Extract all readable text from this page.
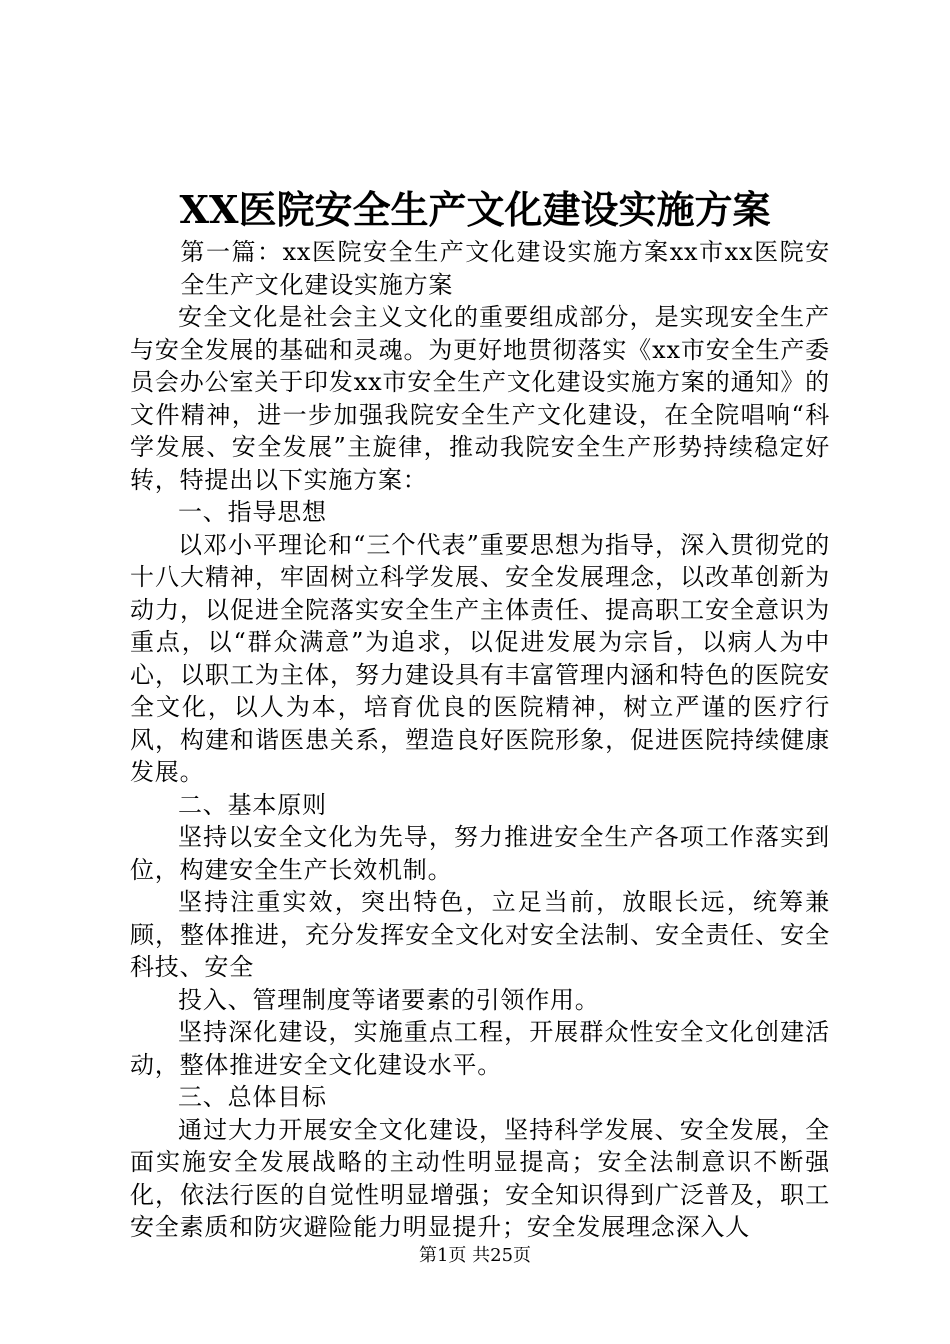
XX医院安全生产文化建设实施方案

第一篇：xx医院安全生产文化建设实施方案xx市xx医院安全生产文化建设实施方案

安全文化是社会主义文化的重要组成部分，是实现安全生产与安全发展的基础和灵魂。为更好地贯彻落实《xx市安全生产委员会办公室关于印发xx市安全生产文化建设实施方案的通知》的文件精神，进一步加强我院安全生产文化建设，在全院唱响“科学发展、安全发展”主旋律，推动我院安全生产形势持续稳定好转，特提出以下实施方案：

一、指导思想

以邓小平理论和“三个代表”重要思想为指导，深入贯彻党的十八大精神，牢固树立科学发展、安全发展理念，以改革创新为动力，以促进全院落实安全生产主体责任、提高职工安全意识为重点，以“群众满意”为追求，以促进发展为宗旨，以病人为中心，以职工为主体，努力建设具有丰富管理内涵和特色的医院安全文化，以人为本，培育优良的医院精神，树立严谨的医疗行风，构建和谐医患关系，塑造良好医院形象，促进医院持续健康发展。

二、基本原则

坚持以安全文化为先导，努力推进安全生产各项工作落实到位，构建安全生产长效机制。

坚持注重实效，突出特色，立足当前，放眼长远，统筹兼顾，整体推进，充分发挥安全文化对安全法制、安全责任、安全科技、安全

投入、管理制度等诸要素的引领作用。

坚持深化建设，实施重点工程，开展群众性安全文化创建活动，整体推进安全文化建设水平。

三、总体目标

通过大力开展安全文化建设，坚持科学发展、安全发展，全面实施安全发展战略的主动性明显提高；安全法制意识不断强化，依法行医的自觉性明显增强；安全知识得到广泛普及，职工安全素质和防灾避险能力明显提升；安全发展理念深入人

第1页 共25页
